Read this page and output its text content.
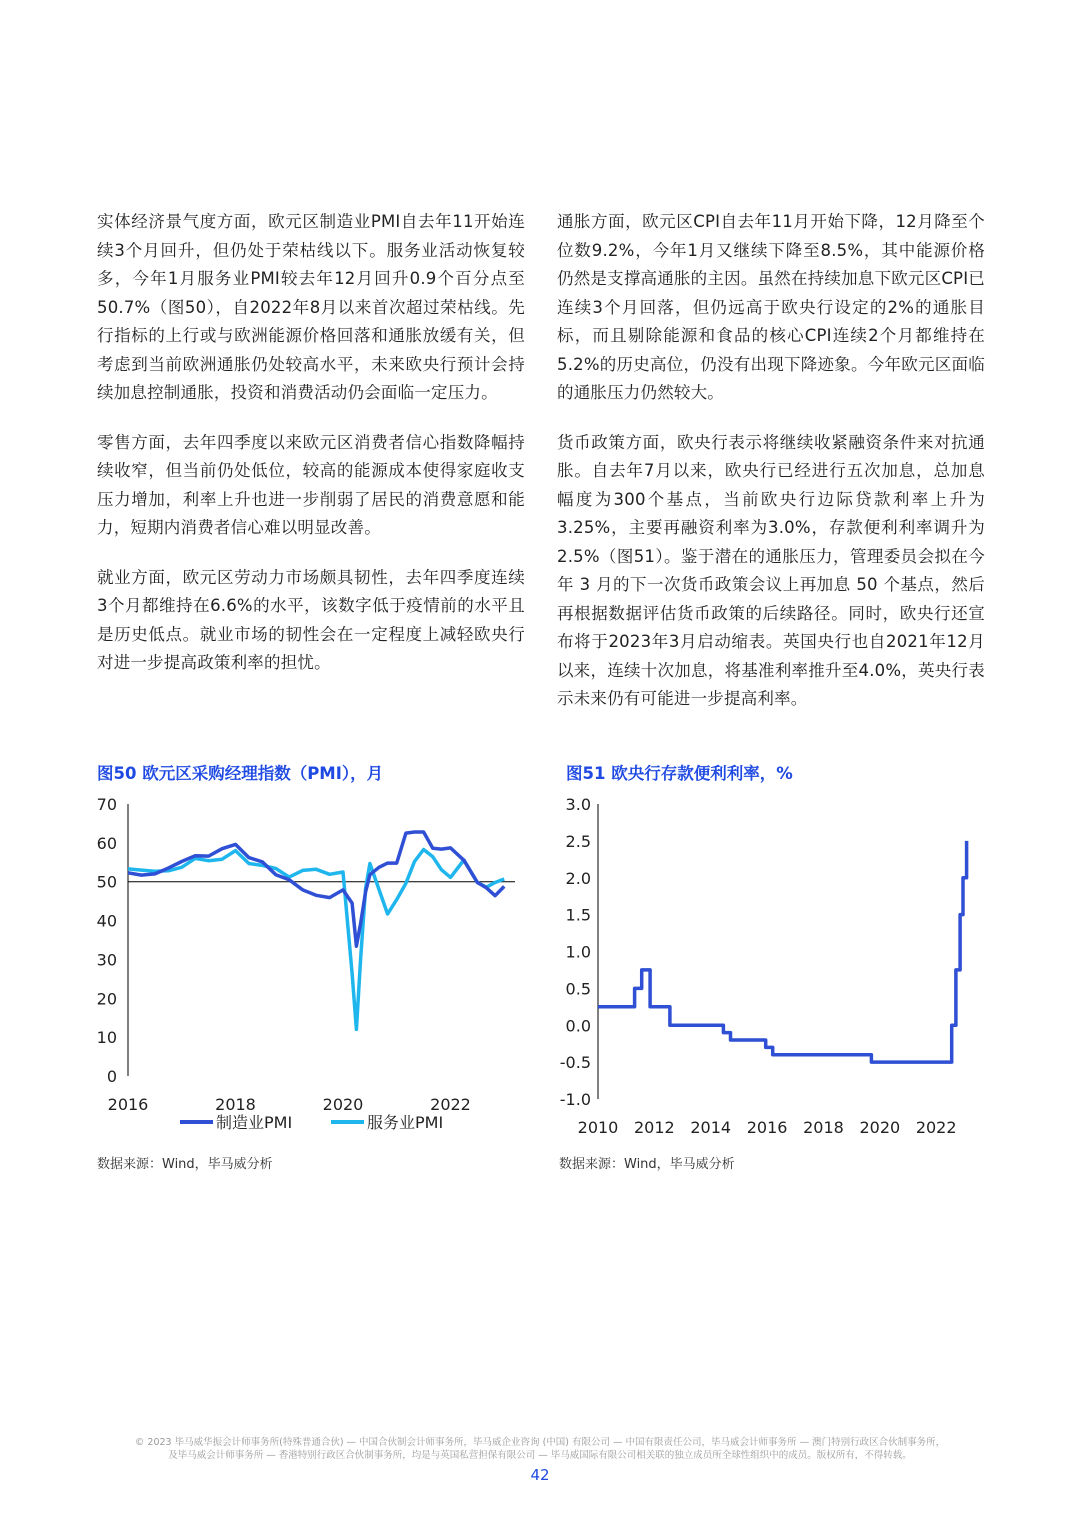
实体经济景气度方面，欧元区制造业PMI自去年11开始连续3个月回升，但仍处于荣枯线以下。服务业活动恢复较多，今年1月服务业PMI较去年12月回升0.9个百分点至50.7%（图50），自2022年8月以来首次超过荣枯线。先行指标的上行或与欧洲能源价格回落和通胀放缓有关，但考虑到当前欧洲通胀仍处较高水平，未来欧央行预计会持续加息控制通胀，投资和消费活动仍会面临一定压力。

零售方面，去年四季度以来欧元区消费者信心指数降幅持续收窄，但当前仍处低位，较高的能源成本使得家庭收支压力增加，利率上升也进一步削弱了居民的消费意愿和能力，短期内消费者信心难以明显改善。

就业方面，欧元区劳动力市场颇具韧性，去年四季度连续3个月都维持在6.6%的水平，该数字低于疫情前的水平且是历史低点。就业市场的韧性会在一定程度上减轻欧央行对进一步提高政策利率的担忧。

通胀方面，欧元区CPI自去年11月开始下降，12月降至个位数9.2%，今年1月又继续下降至8.5%，其中能源价格仍然是支撑高通胀的主因。虽然在持续加息下欧元区CPI已连续3个月回落，但仍远高于欧央行设定的2%的通胀目标，而且剔除能源和食品的核心CPI连续2个月都维持在5.2%的历史高位，仍没有出现下降迹象。今年欧元区面临的通胀压力仍然较大。

货币政策方面，欧央行表示将继续收紧融资条件来对抗通胀。自去年7月以来，欧央行已经进行五次加息，总加息幅度为300个基点，当前欧央行边际贷款利率上升为3.25%，主要再融资利率为3.0%，存款便利利率调升为2.5%（图51）。鉴于潜在的通胀压力，管理委员会拟在今年 3 月的下一次货币政策会议上再加息 50 个基点，然后再根据数据评估货币政策的后续路径。同时，欧央行还宣布将于2023年3月启动缩表。英国央行也自2021年12月以来，连续十次加息，将基准利率推升至4.0%，英央行表示未来仍有可能进一步提高利率。

图50 欧元区采购经理指数（PMI），月	图51 欧央行存款便利利率，%

0
10
20
30
40
50
60
70
2016	2018	2020	2022
制造业PMI	服务业PMI
3.0
2.5
2.0
1.5
1.0
0.5
0.0
-0.5
-1.0
2010 2012 2014 2016 2018 2020 2022

数据来源：Wind，毕马威分析	数据来源：Wind，毕马威分析

© 2023 毕马威华振会计师事务所(特殊普通合伙) — 中国合伙制会计师事务所，毕马威企业咨询 (中国) 有限公司 — 中国有限责任公司，毕马威会计师事务所 — 澳门特别行政区合伙制事务所，
及毕马威会计师事务所 — 香港特别行政区合伙制事务所，均是与英国私营担保有限公司 — 毕马威国际有限公司相关联的独立成员所全球性组织中的成员。版权所有，不得转载。
42
